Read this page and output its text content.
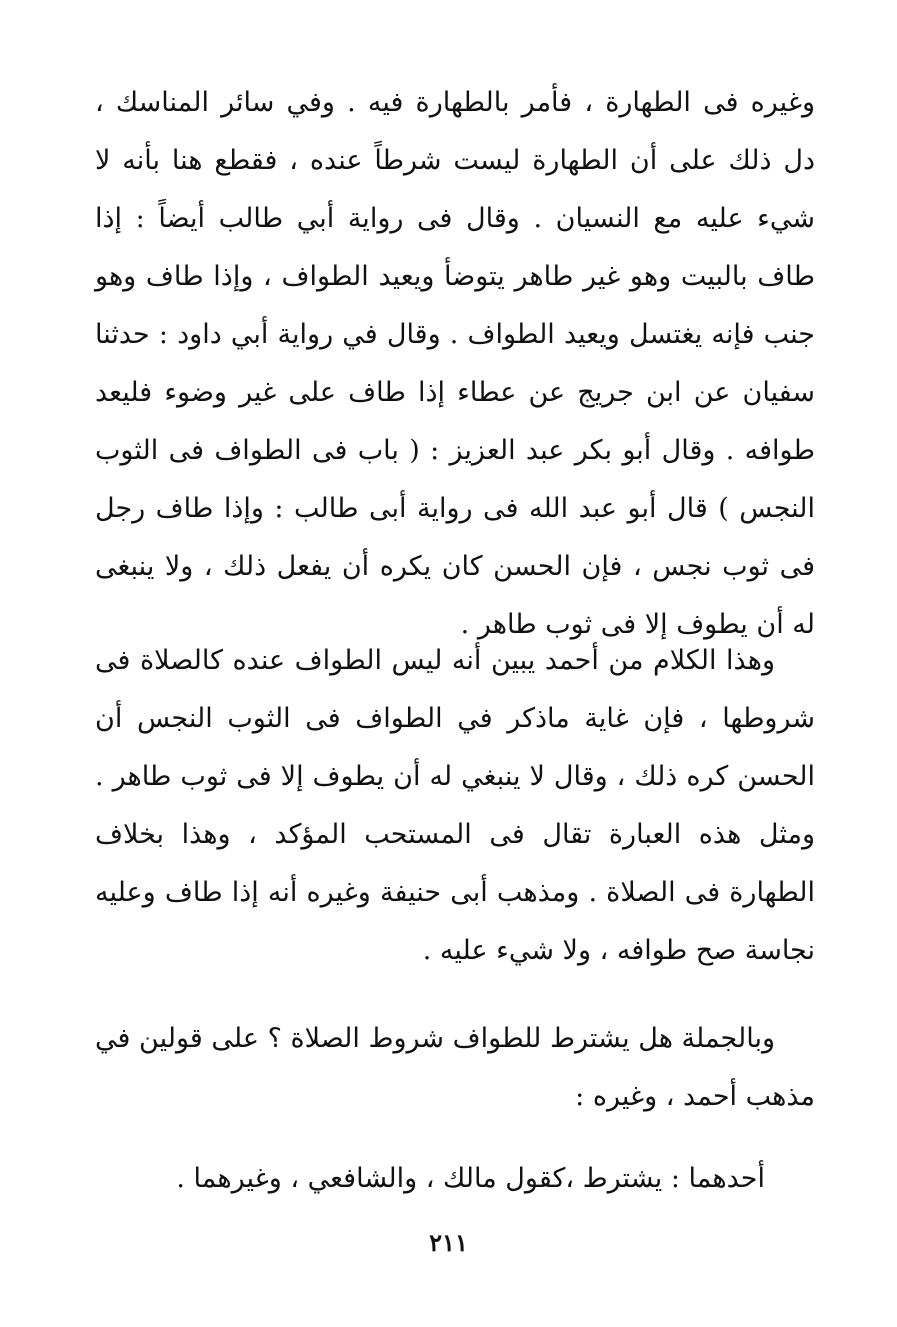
وغيره فى الطهارة ، فأمر بالطهارة فيه . وفي سائر المناسك ، دل ذلك على أن الطهارة ليست شرطاً عنده ، فقطع هنا بأنه لا شيء عليه مع النسيان . وقال فى رواية أبي طالب أيضاً : إذا طاف بالبيت وهو غير طاهر يتوضأ ويعيد الطواف ، وإذا طاف وهو جنب فإنه يغتسل ويعيد الطواف . وقال في رواية أبي داود : حدثنا سفيان عن ابن جريج عن عطاء إذا طاف على غير وضوء فليعد طوافه . وقال أبو بكر عبد العزيز : ( باب فى الطواف فى الثوب النجس ) قال أبو عبد الله فى رواية أبى طالب : وإذا طاف رجل فى ثوب نجس ، فإن الحسن كان يكره أن يفعل ذلك ، ولا ينبغى له أن يطوف إلا فى ثوب طاهر .

وهذا الكلام من أحمد يبين أنه ليس الطواف عنده كالصلاة فى شروطها ، فإن غاية ماذكر في الطواف فى الثوب النجس أن الحسن كره ذلك ، وقال لا ينبغي له أن يطوف إلا فى ثوب طاهر . ومثل هذه العبارة تقال فى المستحب المؤكد ، وهذا بخلاف الطهارة فى الصلاة . ومذهب أبى حنيفة وغيره أنه إذا طاف وعليه نجاسة صح طوافه ، ولا شيء عليه .

وبالجملة هل يشترط للطواف شروط الصلاة ؟ على قولين في مذهب أحمد ، وغيره :

أحدهما : يشترط ،كقول مالك ، والشافعي ، وغيرهما .

٢١١
